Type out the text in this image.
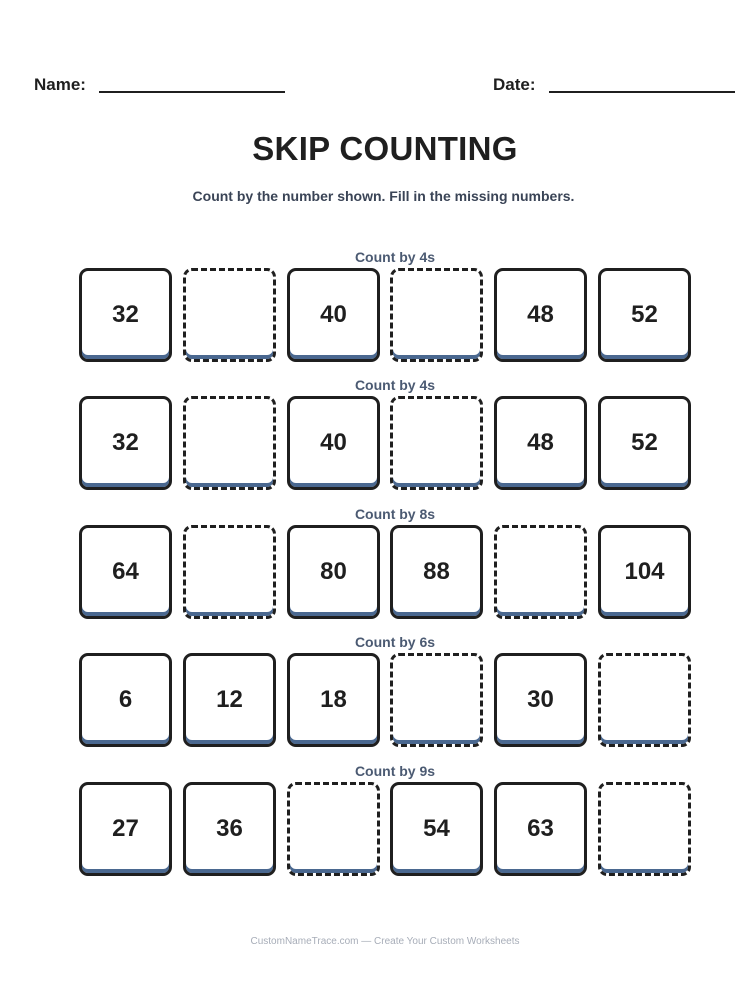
Name:	Date:
SKIP COUNTING
Count by the number shown. Fill in the missing numbers.
Count by 4s
32	40	48	52
Count by 4s
32	40	48	52
Count by 8s
64	80	88	104
Count by 6s
6	12	18	30
Count by 9s
27	36	54	63
CustomNameTrace.com — Create Your Custom Worksheets
